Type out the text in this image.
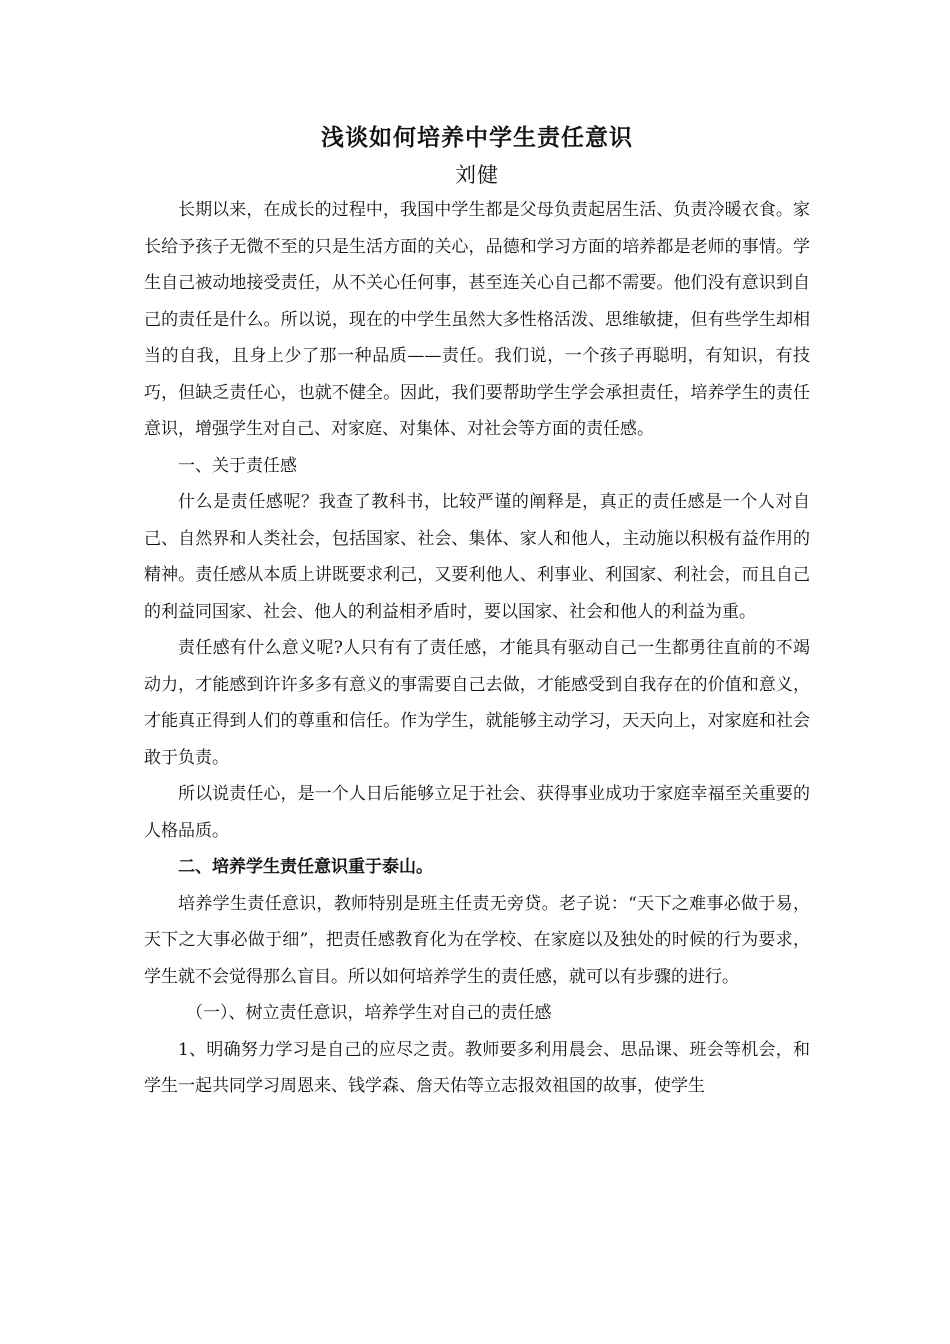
浅谈如何培养中学生责任意识
刘健

长期以来，在成长的过程中，我国中学生都是父母负责起居生活、负责冷暖衣食。家长给予孩子无微不至的只是生活方面的关心，品德和学习方面的培养都是老师的事情。学生自己被动地接受责任，从不关心任何事，甚至连关心自己都不需要。他们没有意识到自己的责任是什么。所以说，现在的中学生虽然大多性格活泼、思维敏捷，但有些学生却相当的自我，且身上少了那一种品质——责任。我们说，一个孩子再聪明，有知识，有技巧，但缺乏责任心，也就不健全。因此，我们要帮助学生学会承担责任，培养学生的责任意识，增强学生对自己、对家庭、对集体、对社会等方面的责任感。

一、关于责任感

什么是责任感呢？我查了教科书，比较严谨的阐释是，真正的责任感是一个人对自己、自然界和人类社会，包括国家、社会、集体、家人和他人，主动施以积极有益作用的精神。责任感从本质上讲既要求利己，又要利他人、利事业、利国家、利社会，而且自己的利益同国家、社会、他人的利益相矛盾时，要以国家、社会和他人的利益为重。

责任感有什么意义呢?人只有有了责任感，才能具有驱动自己一生都勇往直前的不竭动力，才能感到许许多多有意义的事需要自己去做，才能感受到自我存在的价值和意义，才能真正得到人们的尊重和信任。作为学生，就能够主动学习，天天向上，对家庭和社会敢于负责。

所以说责任心，是一个人日后能够立足于社会、获得事业成功于家庭幸福至关重要的人格品质。

二、培养学生责任意识重于泰山。

培养学生责任意识，教师特别是班主任责无旁贷。老子说：“天下之难事必做于易，天下之大事必做于细”，把责任感教育化为在学校、在家庭以及独处的时候的行为要求，学生就不会觉得那么盲目。所以如何培养学生的责任感，就可以有步骤的进行。

（一）、树立责任意识，培养学生对自己的责任感

1、明确努力学习是自己的应尽之责。教师要多利用晨会、思品课、班会等机会，和学生一起共同学习周恩来、钱学森、詹天佑等立志报效祖国的故事，使学生
